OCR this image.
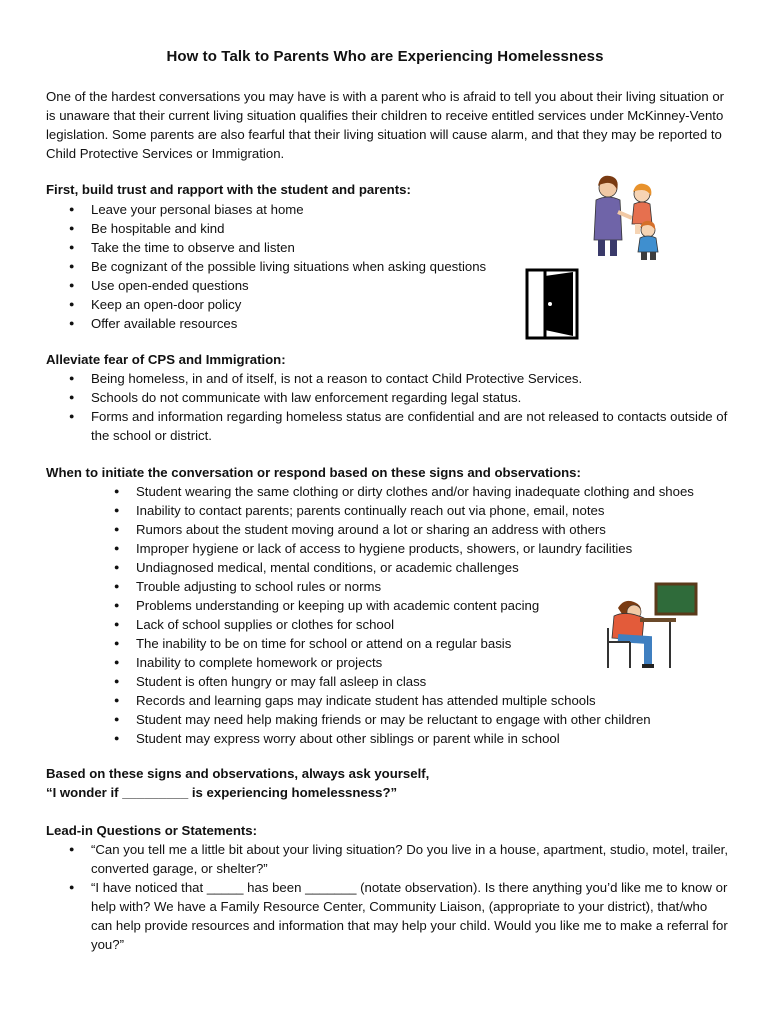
How to Talk to Parents Who are Experiencing Homelessness
One of the hardest conversations you may have is with a parent who is afraid to tell you about their living situation or is unaware that their current living situation qualifies their children to receive entitled services under McKinney-Vento legislation. Some parents are also fearful that their living situation will cause alarm, and that they may be reported to Child Protective Services or Immigration.
First, build trust and rapport with the student and parents:
● Leave your personal biases at home
● Be hospitable and kind
● Take the time to observe and listen
● Be cognizant of the possible living situations when asking questions
● Use open-ended questions
● Keep an open-door policy
● Offer available resources
Alleviate fear of CPS and Immigration:
● Being homeless, in and of itself, is not a reason to contact Child Protective Services.
● Schools do not communicate with law enforcement regarding legal status.
● Forms and information regarding homeless status are confidential and are not released to contacts outside of the school or district.
When to initiate the conversation or respond based on these signs and observations:
● Student wearing the same clothing or dirty clothes and/or having inadequate clothing and shoes
● Inability to contact parents; parents continually reach out via phone, email, notes
● Rumors about the student moving around a lot or sharing an address with others
● Improper hygiene or lack of access to hygiene products, showers, or laundry facilities
● Undiagnosed medical, mental conditions, or academic challenges
● Trouble adjusting to school rules or norms
● Problems understanding or keeping up with academic content pacing
● Lack of school supplies or clothes for school
● The inability to be on time for school or attend on a regular basis
● Inability to complete homework or projects
● Student is often hungry or may fall asleep in class
● Records and learning gaps may indicate student has attended multiple schools
● Student may need help making friends or may be reluctant to engage with other children
● Student may express worry about other siblings or parent while in school
Based on these signs and observations, always ask yourself,
“I wonder if _________ is experiencing homelessness?”
Lead-in Questions or Statements:
● “Can you tell me a little bit about your living situation? Do you live in a house, apartment, studio, motel, trailer, converted garage, or shelter?”
● “I have noticed that _____ has been _______ (notate observation). Is there anything you’d like me to know or help with? We have a Family Resource Center, Community Liaison, (appropriate to your district), that/who can help provide resources and information that may help your child. Would you like me to make a referral for you?”
